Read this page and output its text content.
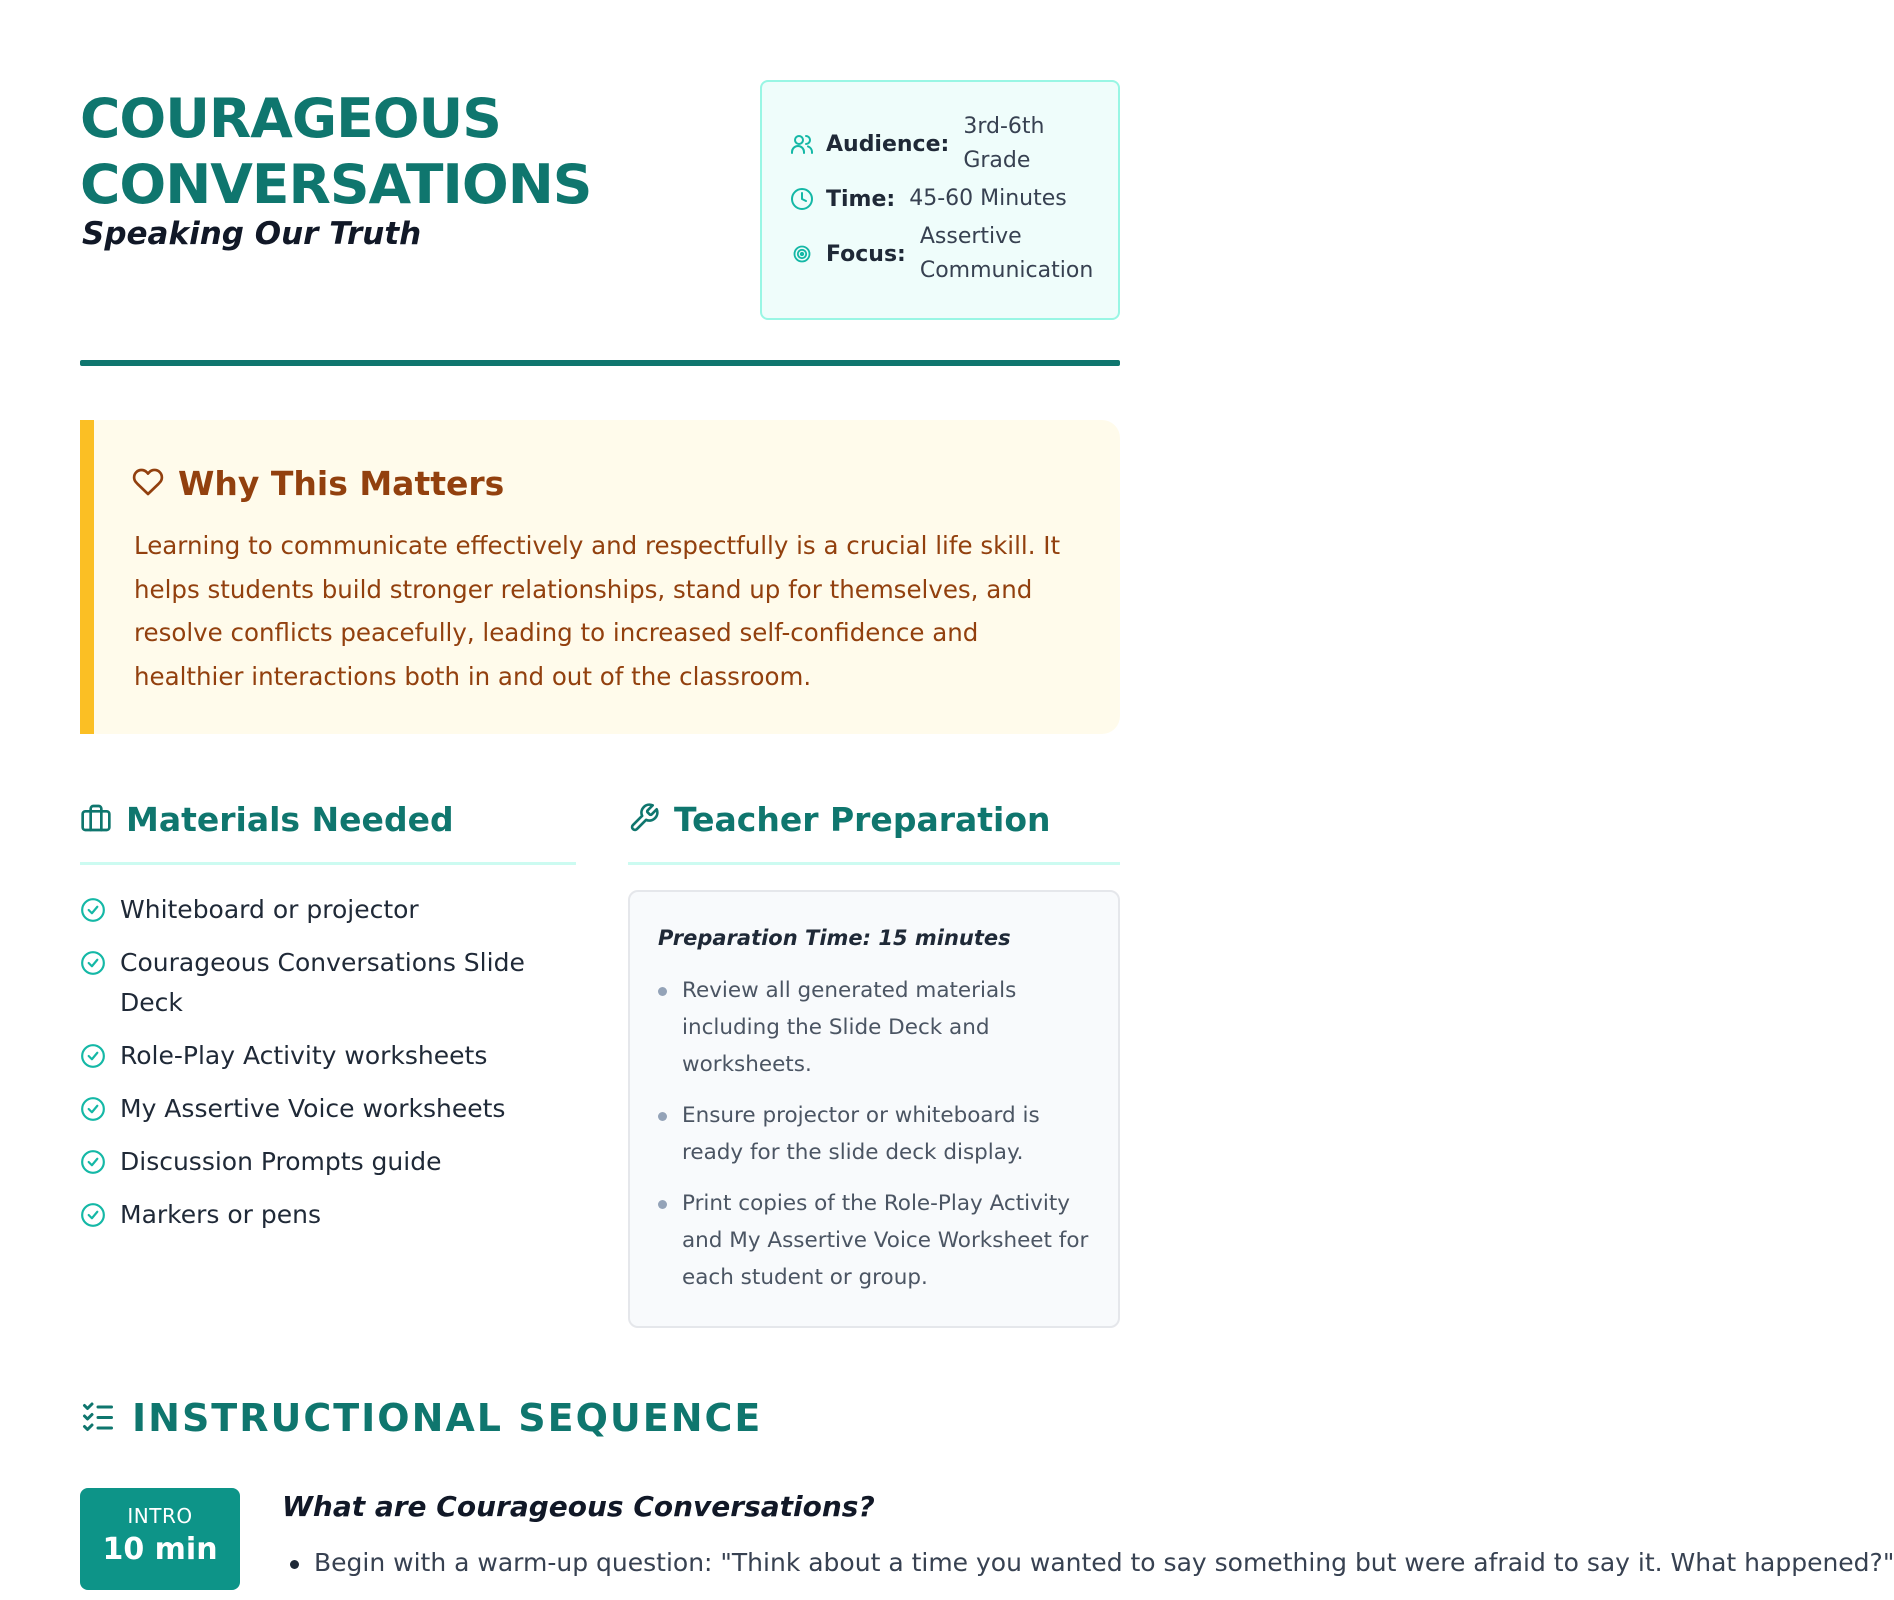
COURAGEOUS
CONVERSATIONS
Speaking Our Truth
Audience:
3rd-6th Grade
Time: 45-60 Minutes
Focus:
Assertive Communication
Why This Matters

Learning to communicate effectively and respectfully is a crucial life skill. It helps students build stronger relationships, stand up for themselves, and resolve conflicts peacefully, leading to increased self-confidence and healthier interactions both in and out of the classroom.

Materials Needed
Whiteboard or projector
Courageous Conversations Slide Deck
Role-Play Activity worksheets
My Assertive Voice worksheets
Discussion Prompts guide
Markers or pens
Teacher Preparation
Preparation Time: 15 minutes
Review all generated materials including the Slide Deck and worksheets.
Ensure projector or whiteboard is ready for the slide deck display.
Print copies of the Role-Play Activity and My Assertive Voice Worksheet for each student or group.
INSTRUCTIONAL SEQUENCE
INTRO
10 min
What are Courageous Conversations?
Begin with a warm-up question: "Think about a time you wanted to say something but were afraid to say it. What happened?"
